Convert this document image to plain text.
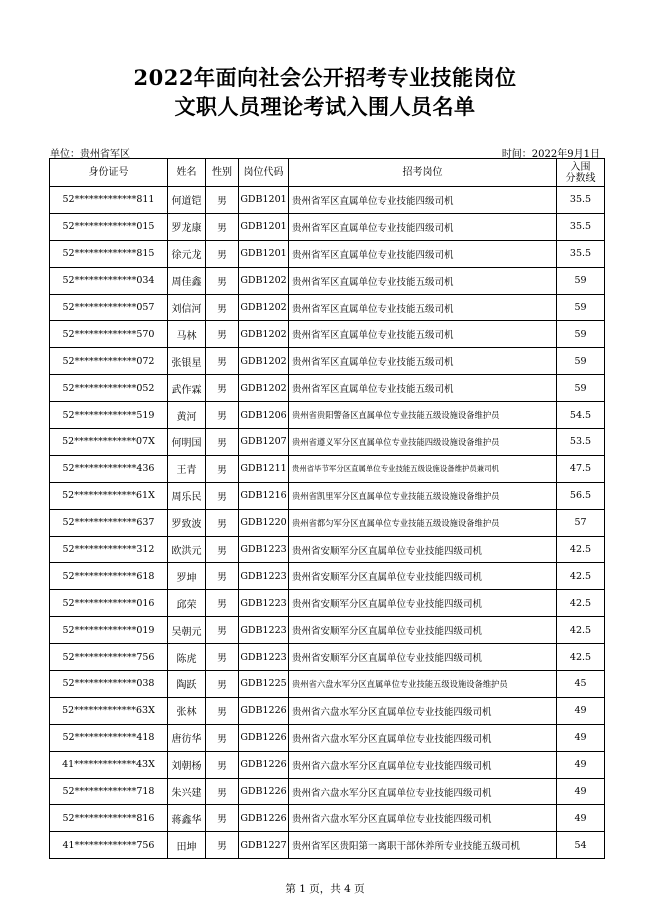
2022年面向社会公开招考专业技能岗位
文职人员理论考试入围人员名单
单位：贵州省军区	时间：2022年9月1日
身份证号	姓名	性别	岗位代码	招考岗位	入围
分数线

52*************811	何道铠	男	GDB1201	贵州省军区直属单位专业技能四级司机	35.5
52*************015	罗龙康	男	GDB1201	贵州省军区直属单位专业技能四级司机	35.5
52*************815	徐元龙	男	GDB1201	贵州省军区直属单位专业技能四级司机	35.5
52*************034	周佳鑫	男	GDB1202	贵州省军区直属单位专业技能五级司机	59
52*************057	刘信河	男	GDB1202	贵州省军区直属单位专业技能五级司机	59
52*************570	马林	男	GDB1202	贵州省军区直属单位专业技能五级司机	59
52*************072	张银星	男	GDB1202	贵州省军区直属单位专业技能五级司机	59
52*************052	武作霖	男	GDB1202	贵州省军区直属单位专业技能五级司机	59
52*************519	黄河	男	GDB1206	贵州省贵阳警备区直属单位专业技能五级设施设备维护员	54.5
52*************07X	何明国	男	GDB1207	贵州省遵义军分区直属单位专业技能四级设施设备维护员	53.5
52*************436	王青	男	GDB1211	贵州省毕节军分区直属单位专业技能五级设施设备维护员兼司机	47.5
52*************61X	周乐民	男	GDB1216	贵州省凯里军分区直属单位专业技能五级设施设备维护员	56.5
52*************637	罗致波	男	GDB1220	贵州省都匀军分区直属单位专业技能五级设施设备维护员	57
52*************312	欧洪元	男	GDB1223	贵州省安顺军分区直属单位专业技能四级司机	42.5
52*************618	罗坤	男	GDB1223	贵州省安顺军分区直属单位专业技能四级司机	42.5
52*************016	邱荣	男	GDB1223	贵州省安顺军分区直属单位专业技能四级司机	42.5
52*************019	吴朝元	男	GDB1223	贵州省安顺军分区直属单位专业技能四级司机	42.5
52*************756	陈虎	男	GDB1223	贵州省安顺军分区直属单位专业技能四级司机	42.5
52*************038	陶跃	男	GDB1225	贵州省六盘水军分区直属单位专业技能五级设施设备维护员	45
52*************63X	张林	男	GDB1226	贵州省六盘水军分区直属单位专业技能四级司机	49
52*************418	唐彷华	男	GDB1226	贵州省六盘水军分区直属单位专业技能四级司机	49
41*************43X	刘朝杨	男	GDB1226	贵州省六盘水军分区直属单位专业技能四级司机	49
52*************718	朱兴建	男	GDB1226	贵州省六盘水军分区直属单位专业技能四级司机	49
52*************816	蒋鑫华	男	GDB1226	贵州省六盘水军分区直属单位专业技能四级司机	49
41*************756	田坤	男	GDB1227	贵州省军区贵阳第一离职干部休养所专业技能五级司机	54
第 1 页，共 4 页
